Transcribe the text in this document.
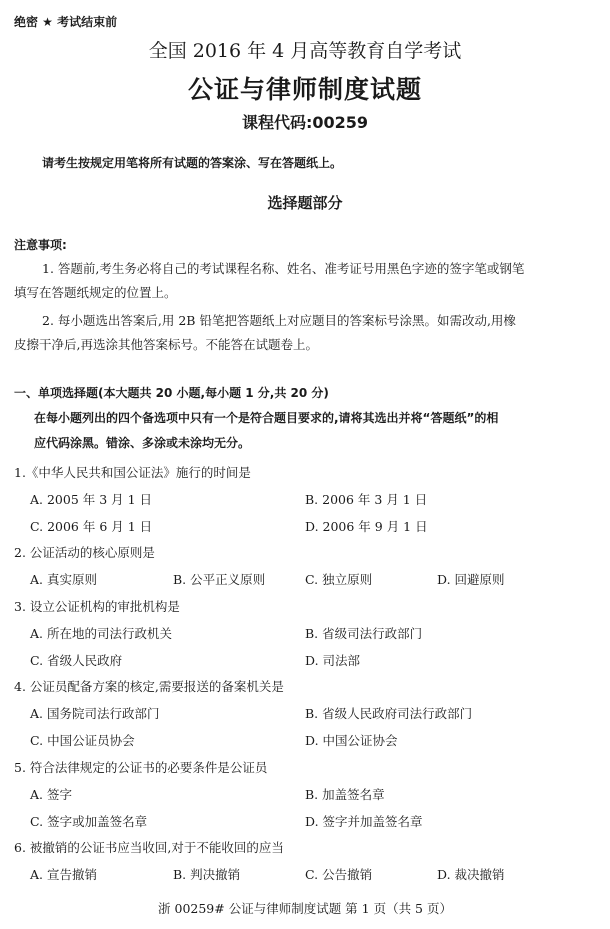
绝密 ★ 考试结束前
全国 2016 年 4 月高等教育自学考试
公证与律师制度试题
课程代码:00259
请考生按规定用笔将所有试题的答案涂、写在答题纸上。
选择题部分
注意事项:
1. 答题前,考生务必将自己的考试课程名称、姓名、准考证号用黑色字迹的签字笔或钢笔
填写在答题纸规定的位置上。
2. 每小题选出答案后,用 2B 铅笔把答题纸上对应题目的答案标号涂黑。如需改动,用橡
皮擦干净后,再选涂其他答案标号。不能答在试题卷上。
一、单项选择题(本大题共 20 小题,每小题 1 分,共 20 分)
在每小题列出的四个备选项中只有一个是符合题目要求的,请将其选出并将“答题纸”的相
应代码涂黑。错涂、多涂或未涂均无分。
1.《中华人民共和国公证法》施行的时间是
A. 2005 年 3 月 1 日	B. 2006 年 3 月 1 日
C. 2006 年 6 月 1 日	D. 2006 年 9 月 1 日
2. 公证活动的核心原则是
A. 真实原则	B. 公平正义原则	C. 独立原则	D. 回避原则
3. 设立公证机构的审批机构是
A. 所在地的司法行政机关	B. 省级司法行政部门
C. 省级人民政府	D. 司法部
4. 公证员配备方案的核定,需要报送的备案机关是
A. 国务院司法行政部门	B. 省级人民政府司法行政部门
C. 中国公证员协会	D. 中国公证协会
5. 符合法律规定的公证书的必要条件是公证员
A. 签字	B. 加盖签名章
C. 签字或加盖签名章	D. 签字并加盖签名章
6. 被撤销的公证书应当收回,对于不能收回的应当
A. 宣告撤销	B. 判决撤销	C. 公告撤销	D. 裁决撤销
浙 00259# 公证与律师制度试题 第 1 页（共 5 页）
